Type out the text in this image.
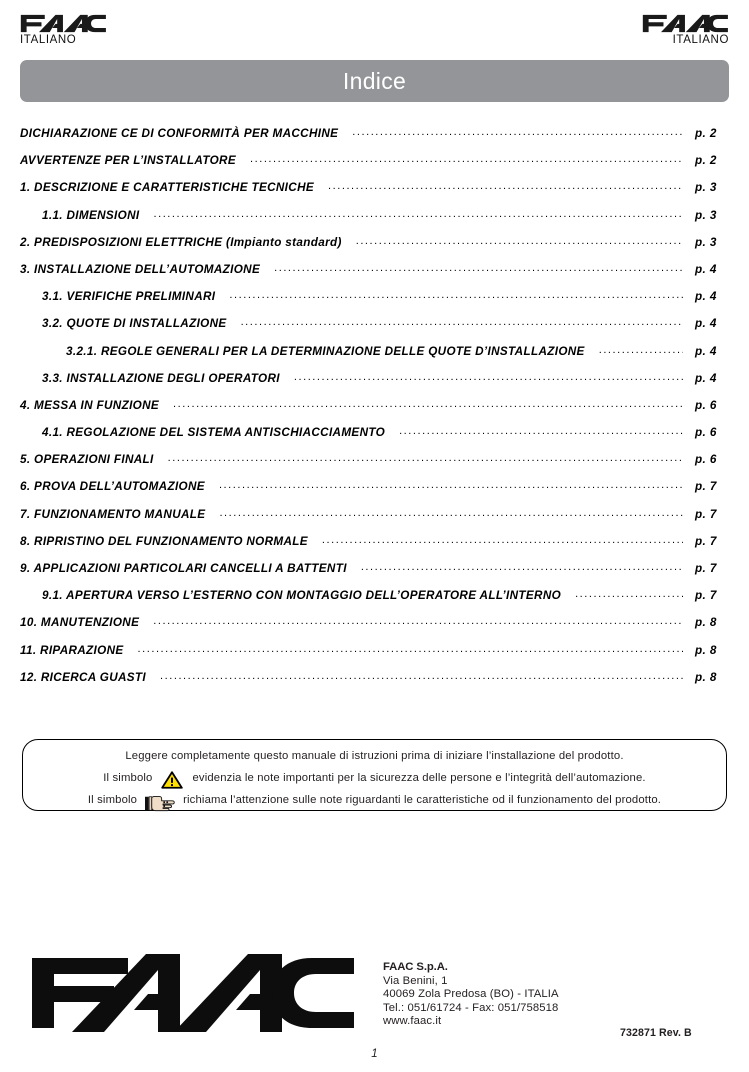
ITALIANO	ITALIANO
Indice
DICHIARAZIONE CE DI CONFORMITÀ PER MACCHINE .....	p. 2
AVVERTENZE PER L’INSTALLATORE .....	p. 2
1. DESCRIZIONE E CARATTERISTICHE TECNICHE .....	p. 3
1.1. DIMENSIONI .....	p. 3
2. PREDISPOSIZIONI ELETTRICHE (Impianto standard) .....	p. 3
3. INSTALLAZIONE DELL’AUTOMAZIONE .....	p. 4
3.1. VERIFICHE PRELIMINARI .....	p. 4
3.2. QUOTE DI INSTALLAZIONE .....	p. 4
3.2.1. REGOLE GENERALI PER LA DETERMINAZIONE DELLE QUOTE D’INSTALLAZIONE .....	p. 4
3.3. INSTALLAZIONE DEGLI OPERATORI .....	p. 4
4. MESSA IN FUNZIONE .....	p. 6
4.1. REGOLAZIONE DEL SISTEMA ANTISCHIACCIAMENTO .....	p. 6
5. OPERAZIONI FINALI .....	p. 6
6. PROVA DELL’AUTOMAZIONE .....	p. 7
7. FUNZIONAMENTO MANUALE .....	p. 7
8. RIPRISTINO DEL FUNZIONAMENTO NORMALE .....	p. 7
9. APPLICAZIONI PARTICOLARI CANCELLI A BATTENTI .....	p. 7
9.1. APERTURA VERSO L’ESTERNO CON MONTAGGIO DELL’OPERATORE ALL’INTERNO .....	p. 7
10. MANUTENZIONE .....	p. 8
11. RIPARAZIONE .....	p. 8
12. RICERCA GUASTI .....	p. 8
Leggere completamente questo manuale di istruzioni prima di iniziare l’installazione del prodotto.
Il simbolo	evidenzia le note importanti per la sicurezza delle persone e l’integrità dell’automazione.
Il simbolo	richiama l’attenzione sulle note riguardanti le caratteristiche od il funzionamento del prodotto.
FAAC S.p.A.
Via Benini, 1
40069 Zola Predosa (BO) - ITALIA
Tel.: 051/61724 - Fax: 051/758518
www.faac.it
732871 Rev. B
1
